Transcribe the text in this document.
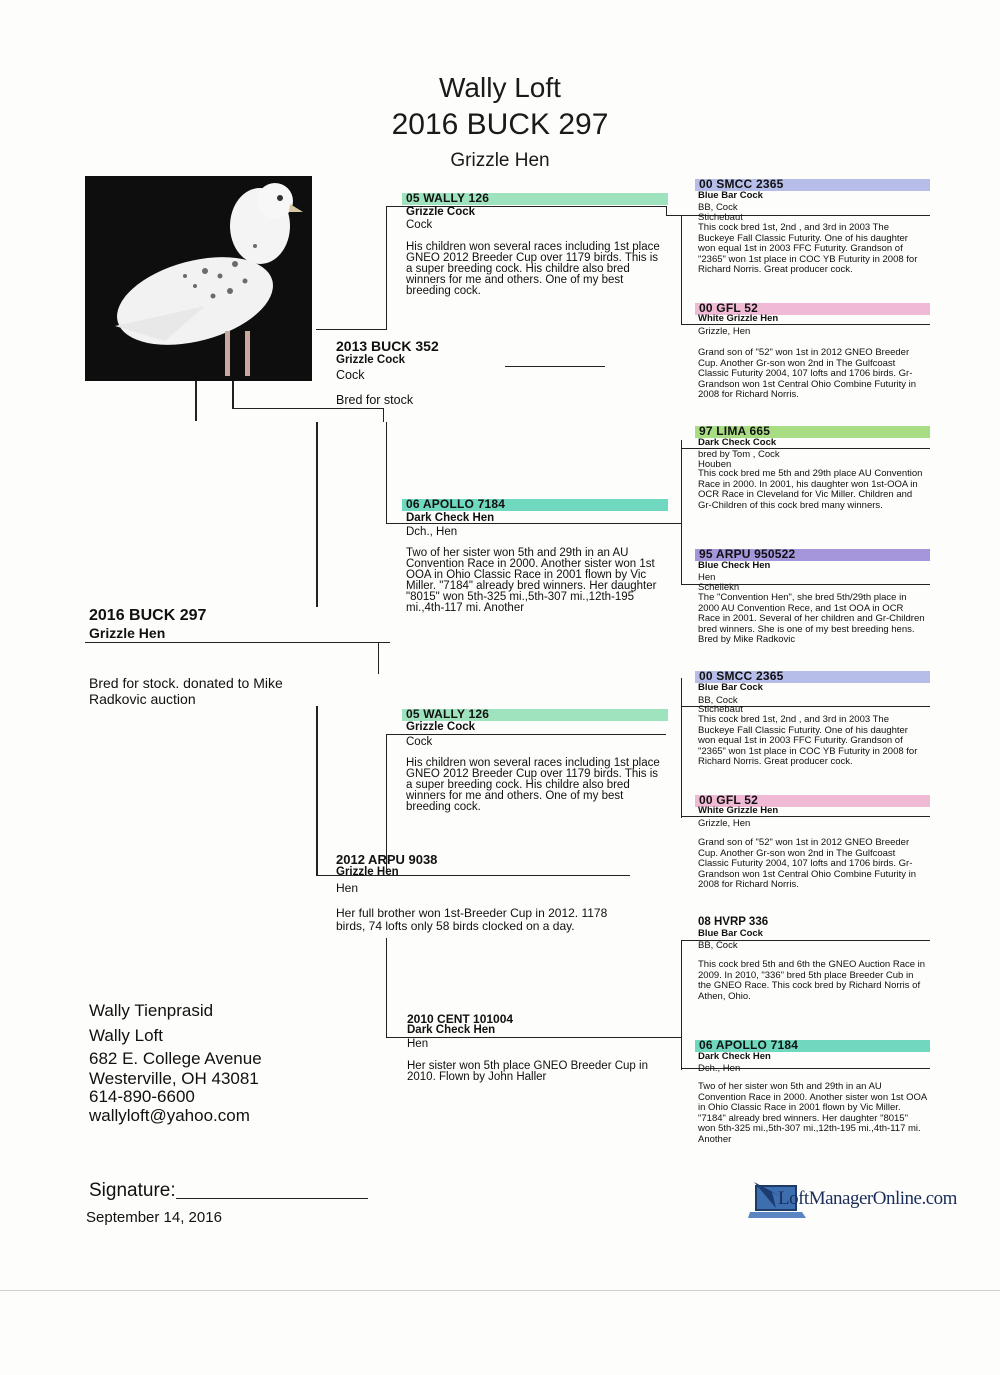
Wally Loft
2016 BUCK 297
Grizzle Hen
05 WALLY 126
Grizzle Cock
Cock
His children won several races including 1st place GNEO 2012 Breeder Cup over 1179 birds. This is a super breeding cock. His childre also bred winners for me and others. One of my best breeding cock.
2013 BUCK 352
Grizzle Cock
Cock
Bred for stock
06 APOLLO 7184
Dark Check Hen
Dch., Hen
Two of her sister won 5th and 29th in an AU Convention Race in 2000. Another sister won 1st OOA in Ohio Classic Race in 2001 flown by Vic Miller. "7184" already bred winners. Her daughter "8015" won 5th-325 mi.,5th-307 mi.,12th-195 mi.,4th-117 mi. Another
2016 BUCK 297
Grizzle Hen
Bred for stock. donated to Mike Radkovic auction
05 WALLY 126
Grizzle Cock
Cock
His children won several races including 1st place GNEO 2012 Breeder Cup over 1179 birds. This is a super breeding cock. His childre also bred winners for me and others. One of my best breeding cock.
2012 ARPU 9038
Grizzle Hen
Hen
Her full brother won 1st-Breeder Cup in 2012. 1178 birds, 74 lofts only 58 birds clocked on a day.
2010 CENT 101004
Dark Check Hen
Hen
Her sister won 5th place GNEO Breeder Cup in 2010. Flown by John Haller
00 SMCC 2365
Blue Bar Cock
BB, Cock
Stichebaut
This cock bred 1st, 2nd , and 3rd in 2003 The Buckeye Fall Classic Futurity. One of his daughter won equal 1st in 2003 FFC Futurity. Grandson of "2365" won 1st place in COC YB Futurity in 2008 for Richard Norris. Great producer cock.
00 GFL 52
White Grizzle Hen
Grizzle, Hen
Grand son of "52" won 1st in 2012 GNEO Breeder Cup. Another Gr-son won 2nd in The Gulfcoast Classic Futurity 2004, 107 lofts and 1706 birds. Gr-Grandson won 1st Central Ohio Combine Futurity in 2008 for Richard Norris.
97 LIMA 665
Dark Check Cock
bred by Tom , Cock
Houben
This cock bred me 5th and 29th place AU Convention Race in 2000. In 2001, his daughter won 1st-OOA in OCR Race in Cleveland for Vic Miller. Children and Gr-Children of this cock bred many winners.
95 ARPU 950522
Blue Check Hen
Hen
Schellekn
The "Convention Hen", she bred 5th/29th place in 2000 AU Convention Rece, and 1st OOA in OCR Race in 2001. Several of her children and Gr-Children bred winners. She is one of my best breeding hens. Bred by Mike Radkovic
00 SMCC 2365
Blue Bar Cock
BB, Cock
Stichebaut
This cock bred 1st, 2nd , and 3rd in 2003 The Buckeye Fall Classic Futurity. One of his daughter won equal 1st in 2003 FFC Futurity. Grandson of "2365" won 1st place in COC YB Futurity in 2008 for Richard Norris. Great producer cock.
00 GFL 52
White Grizzle Hen
Grizzle, Hen
Grand son of "52" won 1st in 2012 GNEO Breeder Cup. Another Gr-son won 2nd in The Gulfcoast Classic Futurity 2004, 107 lofts and 1706 birds. Gr-Grandson won 1st Central Ohio Combine Futurity in 2008 for Richard Norris.
08 HVRP 336
Blue Bar Cock
BB, Cock
This cock bred 5th and 6th the GNEO Auction Race in 2009. In 2010, "336" bred 5th place Breeder Cub in the GNEO Race. This cock bred by Richard Norris of Athen, Ohio.
06 APOLLO 7184
Dark Check Hen
Dch., Hen
Two of her sister won 5th and 29th in an AU Convention Race in 2000. Another sister won 1st OOA in Ohio Classic Race in 2001 flown by Vic Miller. "7184" already bred winners. Her daughter "8015" won 5th-325 mi.,5th-307 mi.,12th-195 mi.,4th-117 mi. Another
Wally Tienprasid
Wally Loft
682 E. College Avenue
Westerville, OH 43081
614-890-6600
wallyloft@yahoo.com
Signature:
September 14, 2016
LoftManagerOnline.com
